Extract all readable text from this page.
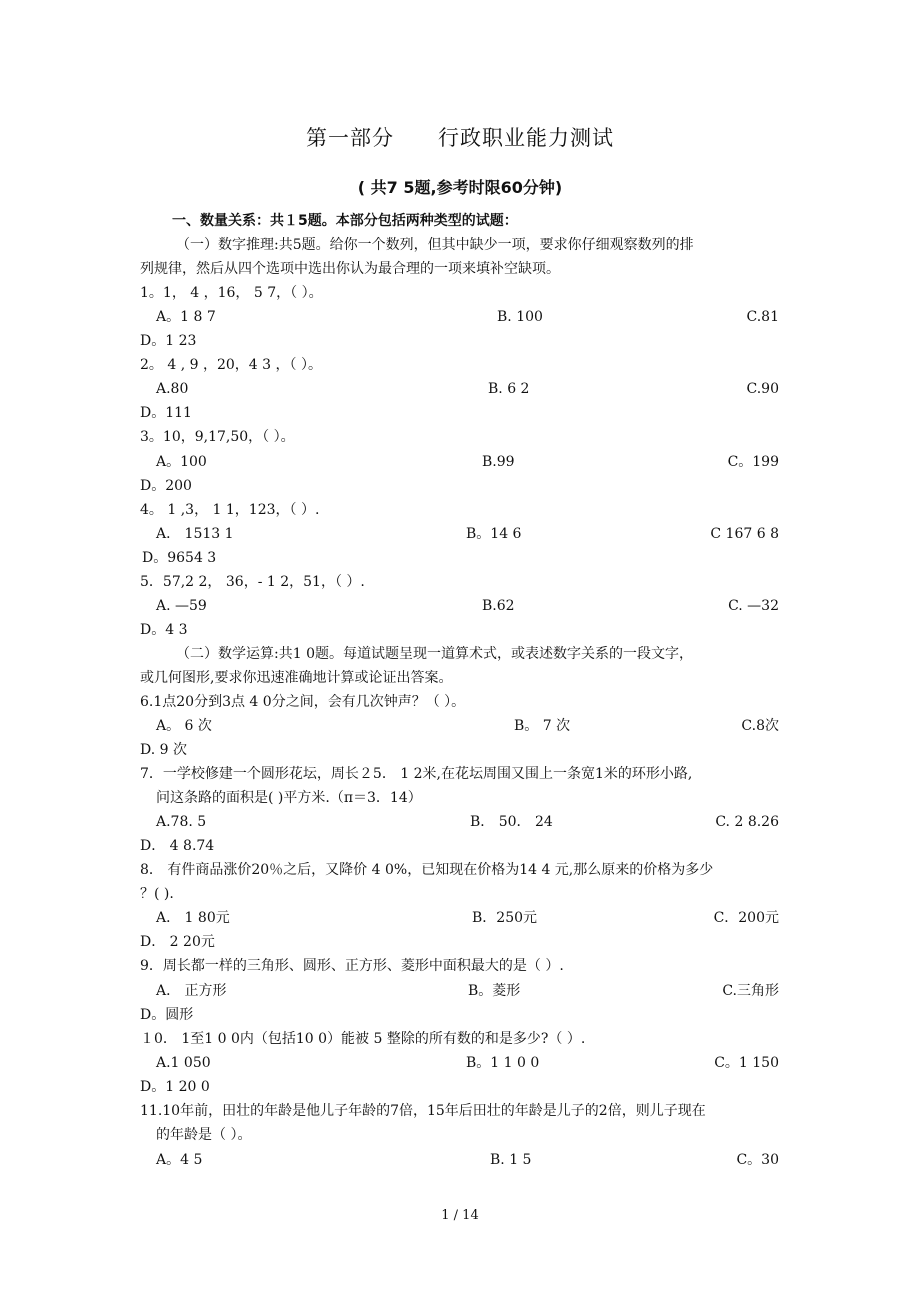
第一部分 行政职业能力测试
( 共7 5题,参考时限60分钟)
一、数量关系：共１5题。本部分包括两种类型的试题：
（一）数字推理:共5题。给你一个数列，但其中缺少一项，要求你仔细观察数列的排
列规律，然后从四个选项中选出你认为最合理的一项来填补空缺项。
1。1， 4 ，16， 5 7，（ ）。
A。1 8 7	B. 100	C.81
D。1 23
2。 4 , 9 ，20，4 3 ，（ ）。
A.80	B. 6 2	C.90
D。111
3。10，9,17,50，（ ）。
A。100	B.99	C。199
D。200
4。 1 ,3， 1 1，123，（ ）.
A． 1513 1	B。14 6	C 167 6 8
D。9654 3
5．57,2 2， 36，- 1 2，51，（ ）.
A. —59	B.62	C. —32
D。4 3
（二）数学运算:共1 0题。每道试题呈现一道算术式，或表述数字关系的一段文字，
或几何图形,要求你迅速准确地计算或论证出答案。
6.1点20分到3点 4 0分之间，会有几次钟声？（ ）。
A。 6 次	B。 7 次	C.8次
D. 9 次
7．一学校修建一个圆形花坛，周长２5． 1 2米,在花坛周围又围上一条宽1米的环形小路,
问这条路的面积是( )平方米.（π＝3．14）
A.78. 5	B． 50． 24	C. 2 8.26
D． 4 8.74
8． 有件商品涨价20％之后，又降价 4 0%，已知现在价格为14 4 元,那么原来的价格为多少
？( ).
A． 1 80元	B．250元	C．200元
D． 2 20元
9．周长都一样的三角形、圆形、正方形、菱形中面积最大的是（ ）.
A． 正方形	B。菱形	C.三角形
D。圆形
１0． 1至1 0 0内（包括10 0）能被 5 整除的所有数的和是多少?（ ）.
A.1 050	B。1 1 0 0	C。1 150
D。1 20 0
11.10年前，田壮的年龄是他儿子年龄的7倍，15年后田壮的年龄是儿子的2倍，则儿子现在
的年龄是（ ）。
A。4 5	B. 1 5	C。30
1 / 14
